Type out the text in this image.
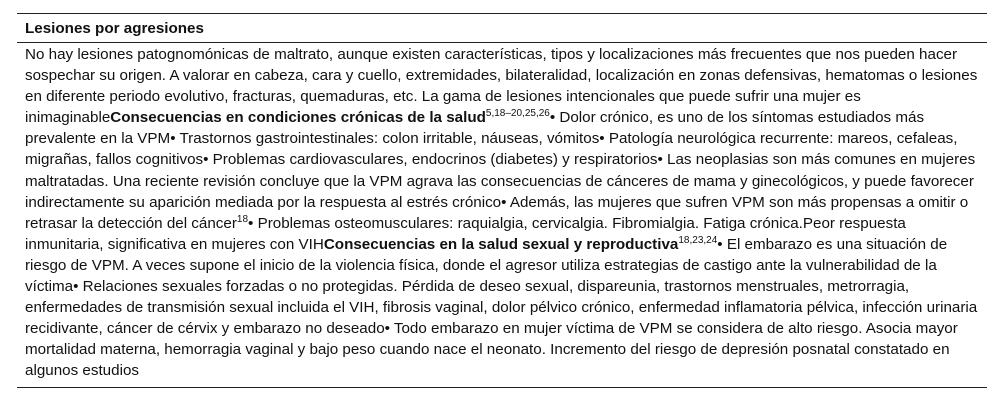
Lesiones por agresiones
No hay lesiones patognomónicas de maltrato, aunque existen características, tipos y localizaciones más frecuentes que nos pueden hacer sospechar su origen. A valorar en cabeza, cara y cuello, extremidades, bilateralidad, localización en zonas defensivas, hematomas o lesiones en diferente periodo evolutivo, fracturas, quemaduras, etc. La gama de lesiones intencionales que puede sufrir una mujer es inimaginableConsecuencias en condiciones crónicas de la salud$^{5,18-20,25,26}$• Dolor crónico, es uno de los síntomas estudiados más prevalente en la VPM• Trastornos gastrointestinales: colon irritable, náuseas, vómitos• Patología neurológica recurrente: mareos, cefaleas, migrañas, fallos cognitivos• Problemas cardiovasculares, endocrinos (diabetes) y respiratorios• Las neoplasias son más comunes en mujeres maltratadas. Una reciente revisión concluye que la VPM agrava las consecuencias de cánceres de mama y ginecológicos, y puede favorecer indirectamente su aparición mediada por la respuesta al estrés crónico• Además, las mujeres que sufren VPM son más propensas a omitir o retrasar la detección del cáncer$^{18}$• Problemas osteomusculares: raquialgia, cervicalgia. Fibromialgia. Fatiga crónica.Peor respuesta inmunitaria, significativa en mujeres con VIHConsecuencias en la salud sexual y reproductiva$^{18,23,24}$• El embarazo es una situación de riesgo de VPM. A veces supone el inicio de la violencia física, donde el agresor utiliza estrategias de castigo ante la vulnerabilidad de la víctima• Relaciones sexuales forzadas o no protegidas. Pérdida de deseo sexual, dispareunia, trastornos menstruales, metrorragia, enfermedades de transmisión sexual incluida el VIH, fibrosis vaginal, dolor pélvico crónico, enfermedad inflamatoria pélvica, infección urinaria recidivante, cáncer de cérvix y embarazo no deseado• Todo embarazo en mujer víctima de VPM se considera de alto riesgo. Asocia mayor mortalidad materna, hemorragia vaginal y bajo peso cuando nace el neonato. Incremento del riesgo de depresión posnatal constatado en algunos estudios
